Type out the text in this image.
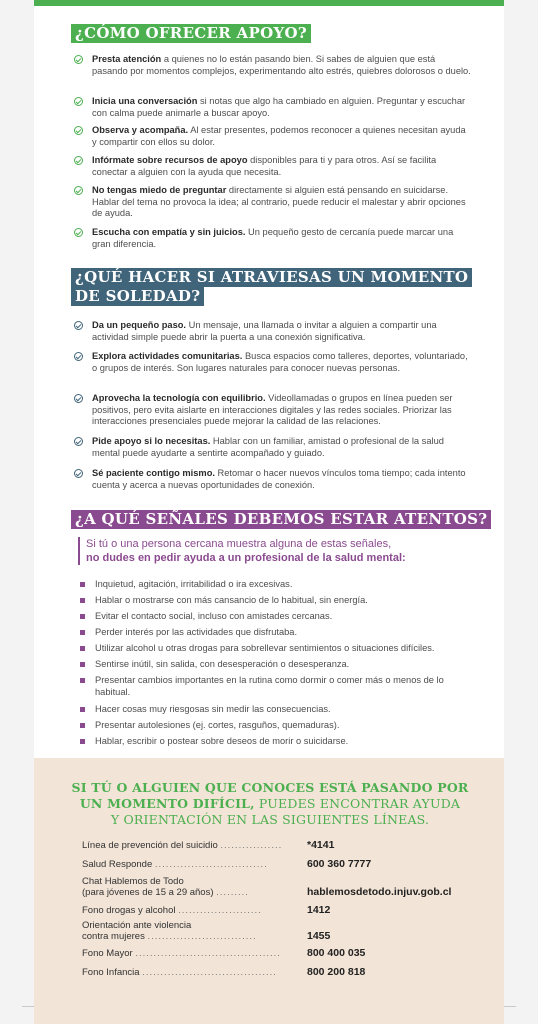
¿CÓMO OFRECER APOYO?
Presta atención a quienes no lo están pasando bien. Si sabes de alguien que está pasando por momentos complejos, experimentando alto estrés, quiebres dolorosos o duelo.
Inicia una conversación si notas que algo ha cambiado en alguien. Preguntar y escuchar con calma puede animarle a buscar apoyo.
Observa y acompaña. Al estar presentes, podemos reconocer a quienes necesitan ayuda y compartir con ellos su dolor.
Infórmate sobre recursos de apoyo disponibles para ti y para otros. Así se facilita conectar a alguien con la ayuda que necesita.
No tengas miedo de preguntar directamente si alguien está pensando en suicidarse. Hablar del tema no provoca la idea; al contrario, puede reducir el malestar y abrir opciones de ayuda.
Escucha con empatía y sin juicios. Un pequeño gesto de cercanía puede marcar una gran diferencia.
¿QUÉ HACER SI ATRAVIESAS UN MOMENTO
DE SOLEDAD?
Da un pequeño paso. Un mensaje, una llamada o invitar a alguien a compartir una actividad simple puede abrir la puerta a una conexión significativa.
Explora actividades comunitarias. Busca espacios como talleres, deportes, voluntariado, o grupos de interés. Son lugares naturales para conocer nuevas personas.
Aprovecha la tecnología con equilibrio. Videollamadas o grupos en línea pueden ser positivos, pero evita aislarte en interacciones digitales y las redes sociales. Priorizar las interacciones presenciales puede mejorar la calidad de las relaciones.
Pide apoyo si lo necesitas. Hablar con un familiar, amistad o profesional de la salud mental puede ayudarte a sentirte acompañado y guiado.
Sé paciente contigo mismo. Retomar o hacer nuevos vínculos toma tiempo; cada intento cuenta y acerca a nuevas oportunidades de conexión.
¿A QUÉ SEÑALES DEBEMOS ESTAR ATENTOS?
Si tú o una persona cercana muestra alguna de estas señales,
no dudes en pedir ayuda a un profesional de la salud mental:
Inquietud, agitación, irritabilidad o ira excesivas.
Hablar o mostrarse con más cansancio de lo habitual, sin energía.
Evitar el contacto social, incluso con amistades cercanas.
Perder interés por las actividades que disfrutaba.
Utilizar alcohol u otras drogas para sobrellevar sentimientos o situaciones difíciles.
Sentirse inútil, sin salida, con desesperación o desesperanza.
Presentar cambios importantes en la rutina como dormir o comer más o menos de lo habitual.
Hacer cosas muy riesgosas sin medir las consecuencias.
Presentar autolesiones (ej. cortes, rasguños, quemaduras).
Hablar, escribir o postear sobre deseos de morir o suicidarse.
SI TÚ O ALGUIEN QUE CONOCES ESTÁ PASANDO POR
UN MOMENTO DIFÍCIL, PUEDES ENCONTRAR AYUDA
Y ORIENTACIÓN EN LAS SIGUIENTES LÍNEAS.
Línea de prevención del suicidio .................	*4141
Salud Responde ...............................	600 360 7777
Chat Hablemos de Todo
(para jóvenes de 15 a 29 años) .........	hablemosdetodo.injuv.gob.cl
Fono drogas y alcohol .......................	1412
Orientación ante violencia
contra mujeres ..............................	1455
Fono Mayor ........................................	800 400 035
Fono Infancia .....................................	800 200 818
